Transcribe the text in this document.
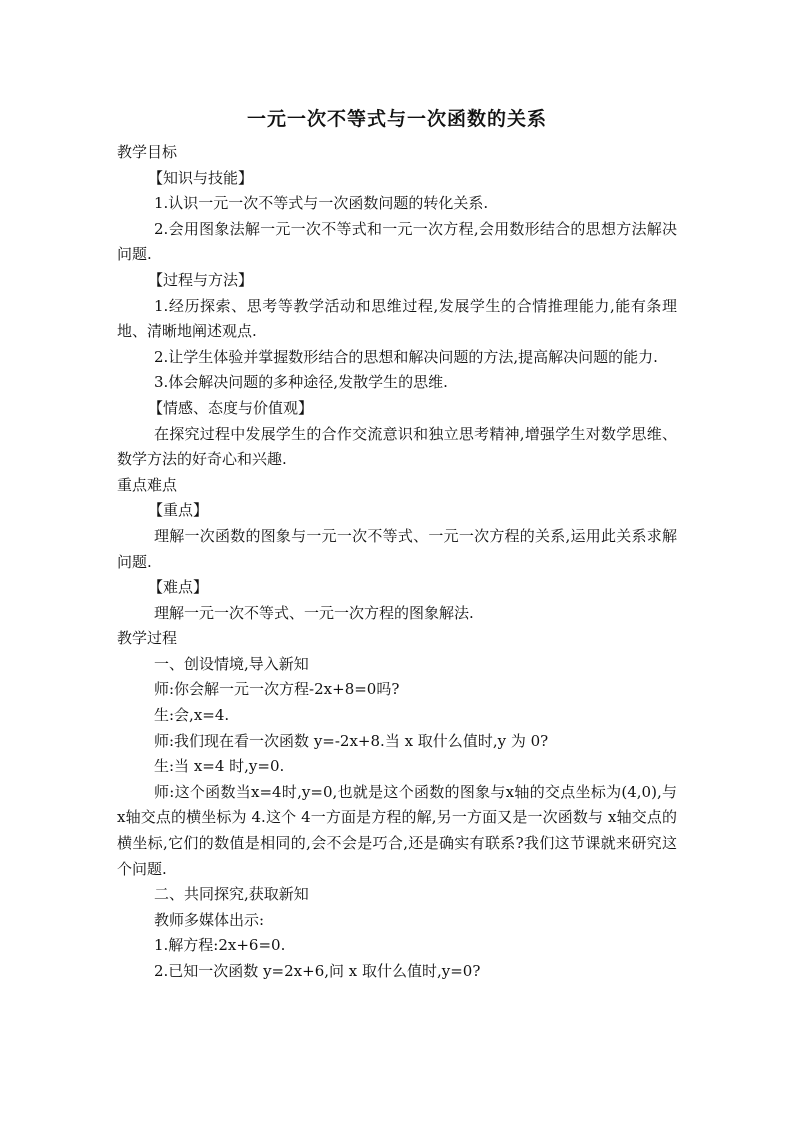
一元一次不等式与一次函数的关系
教学目标
【知识与技能】
1.认识一元一次不等式与一次函数问题的转化关系.
2.会用图象法解一元一次不等式和一元一次方程,会用数形结合的思想方法解决问题.
【过程与方法】
1.经历探索、思考等教学活动和思维过程,发展学生的合情推理能力,能有条理地、清晰地阐述观点.
2.让学生体验并掌握数形结合的思想和解决问题的方法,提高解决问题的能力.
3.体会解决问题的多种途径,发散学生的思维.
【情感、态度与价值观】
在探究过程中发展学生的合作交流意识和独立思考精神,增强学生对数学思维、数学方法的好奇心和兴趣.
重点难点
【重点】
理解一次函数的图象与一元一次不等式、一元一次方程的关系,运用此关系求解问题.
【难点】
理解一元一次不等式、一元一次方程的图象解法.
教学过程
一、创设情境,导入新知
师:你会解一元一次方程-2x+8=0吗?
生:会,x=4.
师:我们现在看一次函数 y=-2x+8.当 x 取什么值时,y 为 0?
生:当 x=4 时,y=0.
师:这个函数当x=4时,y=0,也就是这个函数的图象与x轴的交点坐标为(4,0),与 x轴交点的横坐标为 4.这个 4一方面是方程的解,另一方面又是一次函数与 x轴交点的横坐标,它们的数值是相同的,会不会是巧合,还是确实有联系?我们这节课就来研究这个问题.
二、共同探究,获取新知
教师多媒体出示:
1.解方程:2x+6=0.
2.已知一次函数 y=2x+6,问 x 取什么值时,y=0?
